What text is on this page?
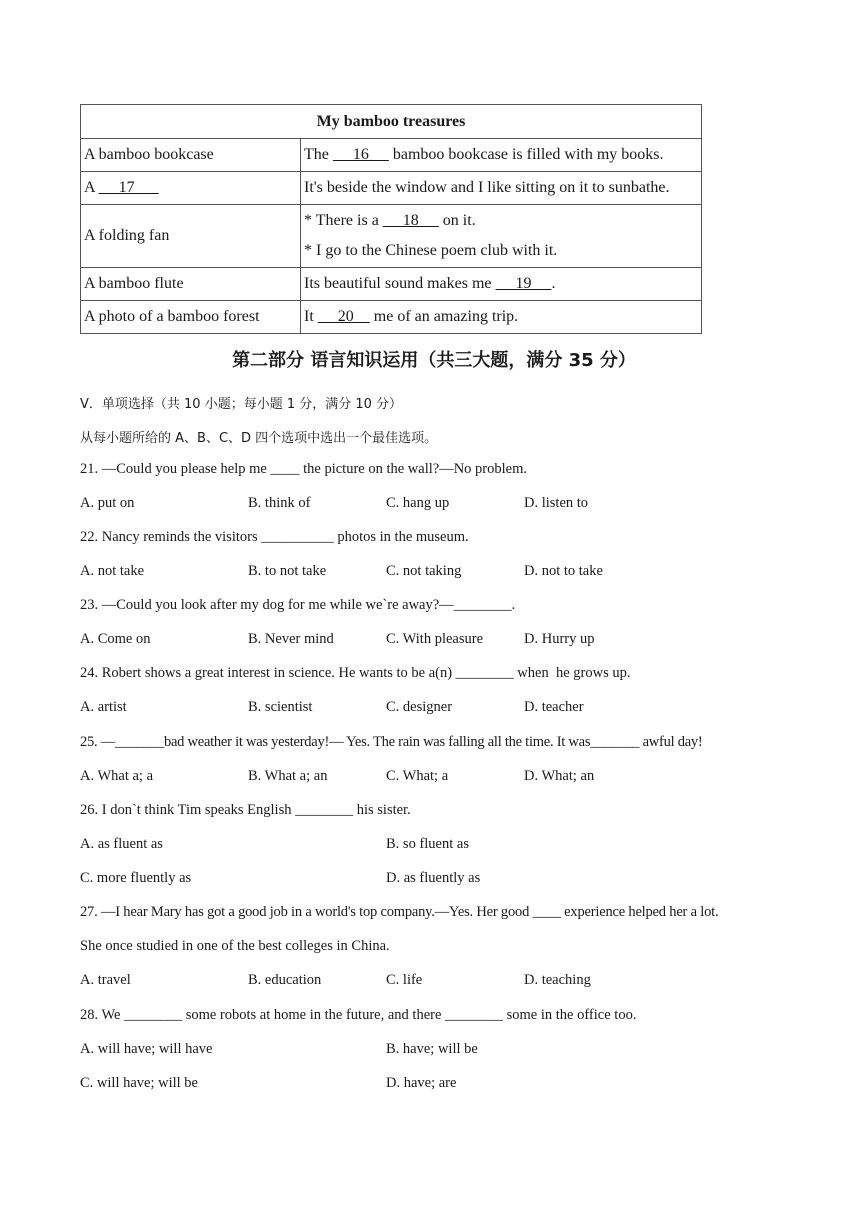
My bamboo treasures	
A bamboo bookcase	The      16      bamboo bookcase is filled with my books.
A      17	It's beside the window and I like sitting on it to sunbathe.
A folding fan	* There is a      18      on it.
* I go to the Chinese poem club with it.

A bamboo flute	Its beautiful sound makes me      19     .
A photo of a bamboo forest	It      20     me of an amazing trip.
第二部分 语言知识运用（共三大题，满分 35 分）
V．单项选择（共 10 小题；每小题 1 分，满分 10 分）
从每小题所给的 A、B、C、D 四个选项中选出一个最佳选项。
21. —Could you please help me ____ the picture on the wall?—No problem.
A. put on	B. think of	C. hang up	D. listen to
22. Nancy reminds the visitors __________ photos in the museum.
A. not take	B. to not take	C. not taking	D. not to take
23. —Could you look after my dog for me while we`re away?—________.
A. Come on	B. Never mind	C. With pleasure	D. Hurry up
24. Robert shows a great interest in science. He wants to be a(n) ________ when  he grows up.
A. artist	B. scientist	C. designer	D. teacher
25. —_______bad weather it was yesterday!— Yes. The rain was falling all the time. It was_______ awful day!
A. What a; a	B. What a; an	C. What; a	D. What; an
26. I don`t think Tim speaks English ________ his sister.
A. as fluent as	B. so fluent as
C. more fluently as	D. as fluently as
27. —I hear Mary has got a good job in a world's top company.—Yes. Her good ____ experience helped her a lot.
She once studied in one of the best colleges in China.
A. travel	B. education	C. life	D. teaching
28. We ________ some robots at home in the future, and there ________ some in the office too.
A. will have; will have	B. have; will be
C. will have; will be	D. have; are
